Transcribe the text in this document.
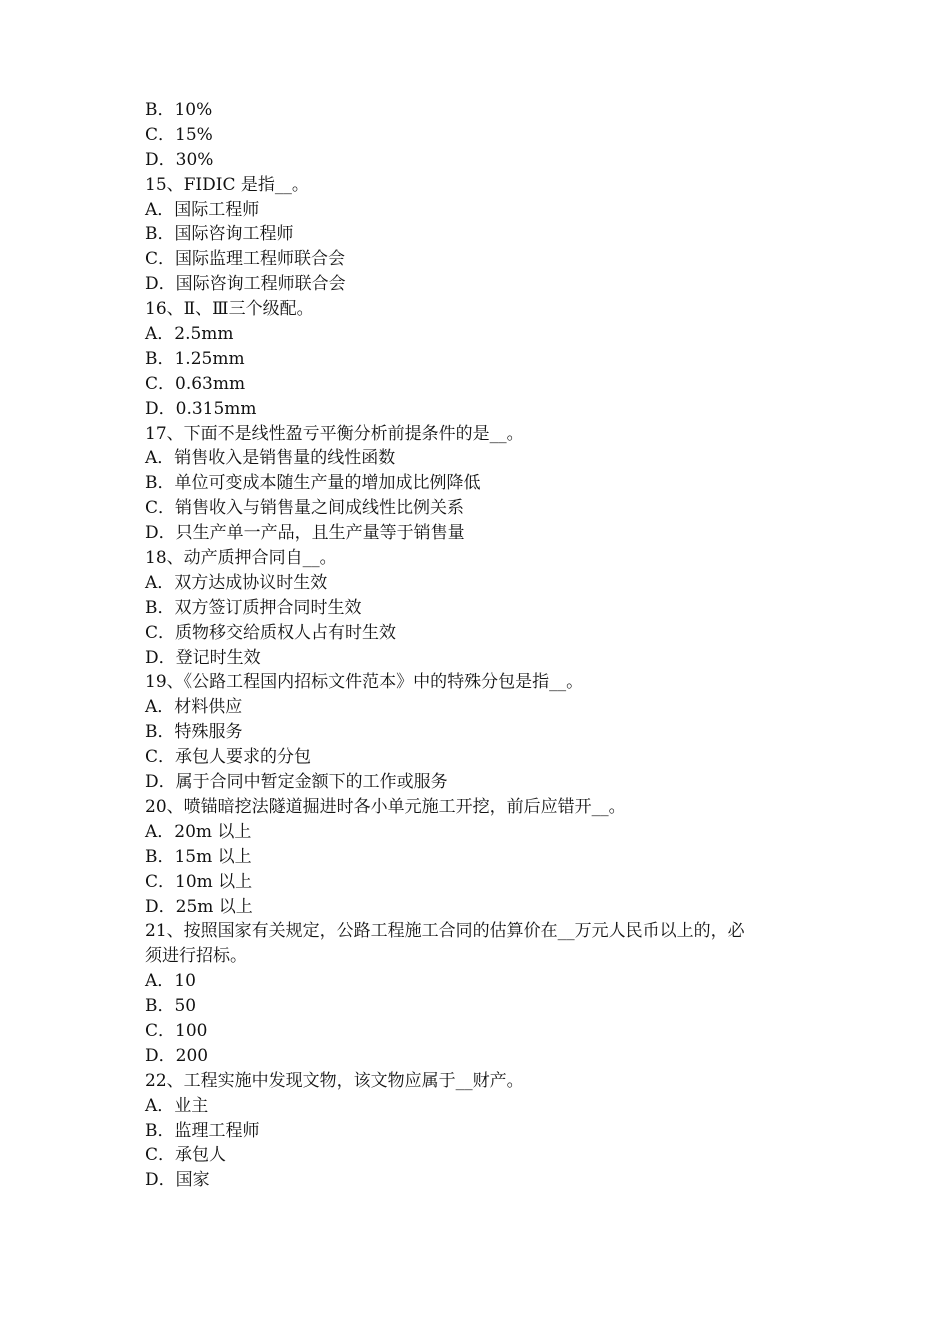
B．10%
C．15%
D．30%
15、FIDIC 是指__。
A．国际工程师
B．国际咨询工程师
C．国际监理工程师联合会
D．国际咨询工程师联合会
16、Ⅱ、Ⅲ三个级配。
A．2.5mm
B．1.25mm
C．0.63mm
D．0.315mm
17、下面不是线性盈亏平衡分析前提条件的是__。
A．销售收入是销售量的线性函数
B．单位可变成本随生产量的增加成比例降低
C．销售收入与销售量之间成线性比例关系
D．只生产单一产品，且生产量等于销售量
18、动产质押合同自__。
A．双方达成协议时生效
B．双方签订质押合同时生效
C．质物移交给质权人占有时生效
D．登记时生效
19、《公路工程国内招标文件范本》中的特殊分包是指__。
A．材料供应
B．特殊服务
C．承包人要求的分包
D．属于合同中暂定金额下的工作或服务
20、喷锚暗挖法隧道掘进时各小单元施工开挖，前后应错开__。
A．20m 以上
B．15m 以上
C．10m 以上
D．25m 以上
21、按照国家有关规定，公路工程施工合同的估算价在__万元人民币以上的，必
须进行招标。
A．10
B．50
C．100
D．200
22、工程实施中发现文物，该文物应属于__财产。
A．业主
B．监理工程师
C．承包人
D．国家
